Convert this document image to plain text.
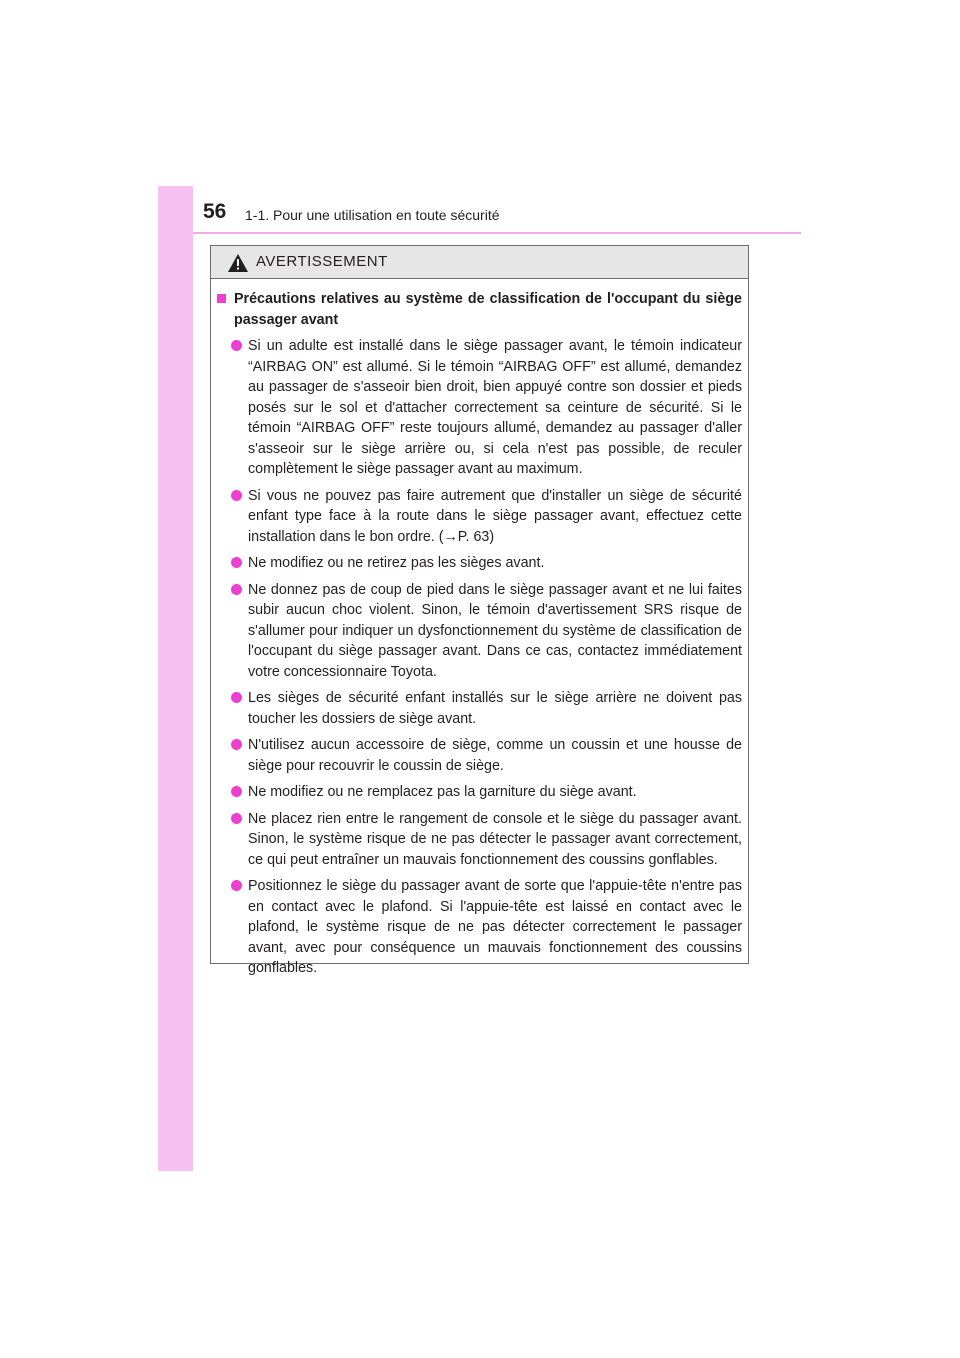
56 1-1. Pour une utilisation en toute sécurité
AVERTISSEMENT
Précautions relatives au système de classification de l'occupant du siège passager avant
Si un adulte est installé dans le siège passager avant, le témoin indicateur “AIRBAG ON” est allumé. Si le témoin “AIRBAG OFF” est allumé, demandez au passager de s'asseoir bien droit, bien appuyé contre son dossier et pieds posés sur le sol et d'attacher correctement sa ceinture de sécurité. Si le témoin “AIRBAG OFF” reste toujours allumé, demandez au passager d'aller s'asseoir sur le siège arrière ou, si cela n'est pas possible, de reculer complètement le siège passager avant au maximum.
Si vous ne pouvez pas faire autrement que d'installer un siège de sécurité enfant type face à la route dans le siège passager avant, effectuez cette installation dans le bon ordre. (→P. 63)
Ne modifiez ou ne retirez pas les sièges avant.
Ne donnez pas de coup de pied dans le siège passager avant et ne lui faites subir aucun choc violent. Sinon, le témoin d'avertissement SRS risque de s'allumer pour indiquer un dysfonctionnement du système de classification de l'occupant du siège passager avant. Dans ce cas, contactez immédiatement votre concessionnaire Toyota.
Les sièges de sécurité enfant installés sur le siège arrière ne doivent pas toucher les dossiers de siège avant.
N'utilisez aucun accessoire de siège, comme un coussin et une housse de siège pour recouvrir le coussin de siège.
Ne modifiez ou ne remplacez pas la garniture du siège avant.
Ne placez rien entre le rangement de console et le siège du passager avant. Sinon, le système risque de ne pas détecter le passager avant correctement, ce qui peut entraîner un mauvais fonctionnement des coussins gonflables.
Positionnez le siège du passager avant de sorte que l'appuie-tête n'entre pas en contact avec le plafond. Si l'appuie-tête est laissé en contact avec le plafond, le système risque de ne pas détecter correctement le passager avant, avec pour conséquence un mauvais fonctionnement des coussins gonflables.
